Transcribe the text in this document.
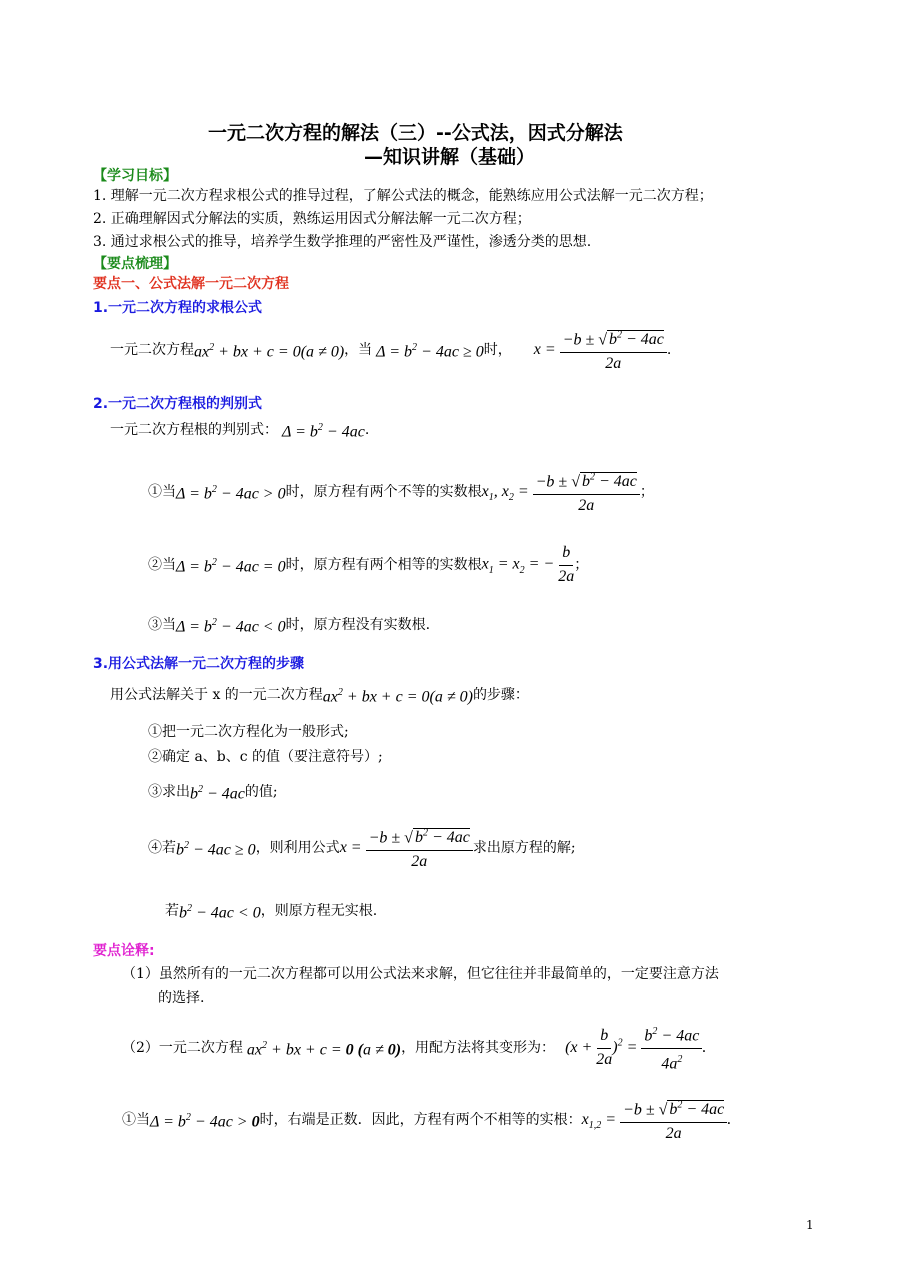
一元二次方程的解法（三）--公式法，因式分解法
—知识讲解（基础）
【学习目标】
1. 理解一元二次方程求根公式的推导过程，了解公式法的概念，能熟练应用公式法解一元二次方程；
2. 正确理解因式分解法的实质，熟练运用因式分解法解一元二次方程；
3. 通过求根公式的推导，培养学生数学推理的严密性及严谨性，渗透分类的思想.
【要点梳理】
要点一、公式法解一元二次方程
1.一元二次方程的求根公式
一元二次方程 $ax^2$ + bx + c = 0(a ≠ 0) ，当 $\Delta = b^2 - 4ac \ge 0$ 时， $x = \frac{-b \pm √ b^2 - 4ac}{2a}$ .
2.一元二次方程根的判别式
一元二次方程根的判别式： $\Delta = b^2 - 4ac$ .
①当 $\Delta = b^2 - 4ac > 0$ 时，原方程有两个不等的实数根 $x_1$, $x_2 = \frac{-b \pm √ b^2 - 4ac}{2a}$ ；
②当 $\Delta = b^2 - 4ac = 0$ 时，原方程有两个相等的实数根 $x_1 = x_2$ = − $\frac{b}{2a}$ ；
③当 $\Delta = b^2 - 4ac < 0$ 时，原方程没有实数根.
3.用公式法解一元二次方程的步骤
用公式法解关于 x 的一元二次方程 $ax^2$ + bx + c = 0(a ≠ 0) 的步骤：
①把一元二次方程化为一般形式;
②确定 a、b、c 的值（要注意符号）;
③求出 $b^2 - 4ac$ 的值;
④若 $b^2 - 4ac \ge 0$ ，则利用公式 $x = \frac{-b \pm √ b^2 - 4ac}{2a}$ 求出原方程的解;
若 $b^2 - 4ac < 0$ ，则原方程无实根.
要点诠释:
（1）虽然所有的一元二次方程都可以用公式法来求解，但它往往并非最简单的，一定要注意方法
的选择.
（2）一元二次方程 $ax^2$ + bx + c = 0 (a ≠ 0) ，用配方法将其变形为： $(x + \frac{b}{2a} )^2 = \frac{b^2 - 4ac}{4a^2}$ .
①当 $\Delta = b^2 - 4ac > 0$ 时，右端是正数．因此，方程有两个不相等的实根： $x_{1,2} = \frac{-b \pm √ b^2 - 4ac}{2a}$ .
1
